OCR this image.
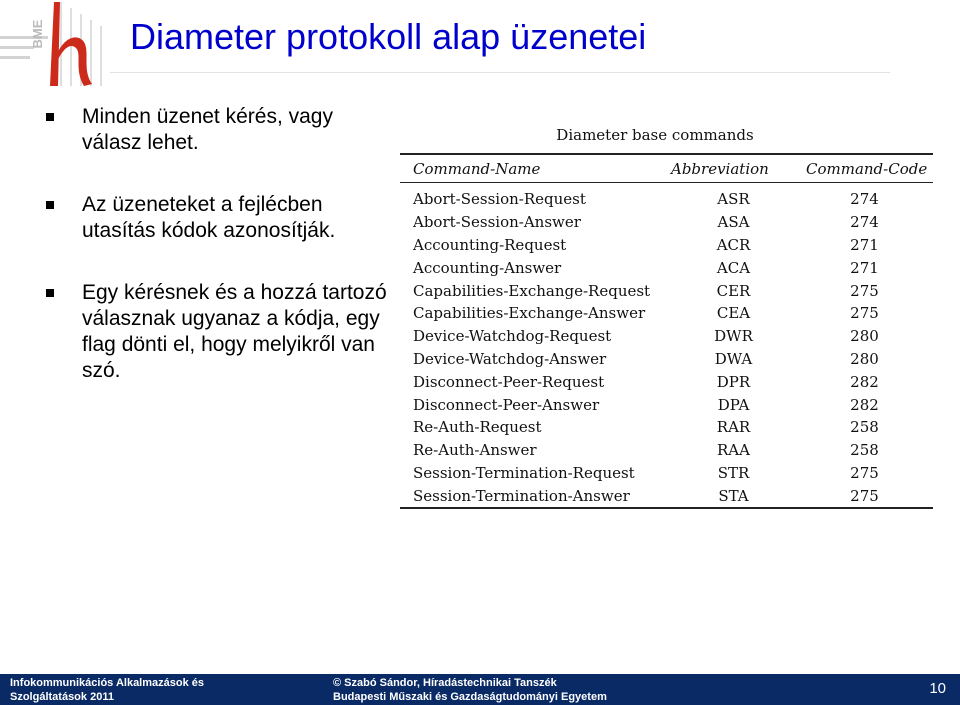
BME Diameter protokoll alap üzenetei
Minden üzenet kérés, vagy válasz lehet.
Az üzeneteket a fejlécben utasítás kódok azonosítják.
Egy kérésnek és a hozzá tartozó válasznak ugyanaz a kódja, egy flag dönti el, hogy melyikről van szó.
Diameter base commands
Command-Name	Abbreviation	Command-Code
Abort-Session-Request	ASR	274
Abort-Session-Answer	ASA	274
Accounting-Request	ACR	271
Accounting-Answer	ACA	271
Capabilities-Exchange-Request	CER	275
Capabilities-Exchange-Answer	CEA	275
Device-Watchdog-Request	DWR	280
Device-Watchdog-Answer	DWA	280
Disconnect-Peer-Request	DPR	282
Disconnect-Peer-Answer	DPA	282
Re-Auth-Request	RAR	258
Re-Auth-Answer	RAA	258
Session-Termination-Request	STR	275
Session-Termination-Answer	STA	275
Infokommunikációs Alkalmazások és
Szolgáltatások 2011
© Szabó Sándor, Híradástechnikai Tanszék
Budapesti Műszaki és Gazdaságtudományi Egyetem	10
